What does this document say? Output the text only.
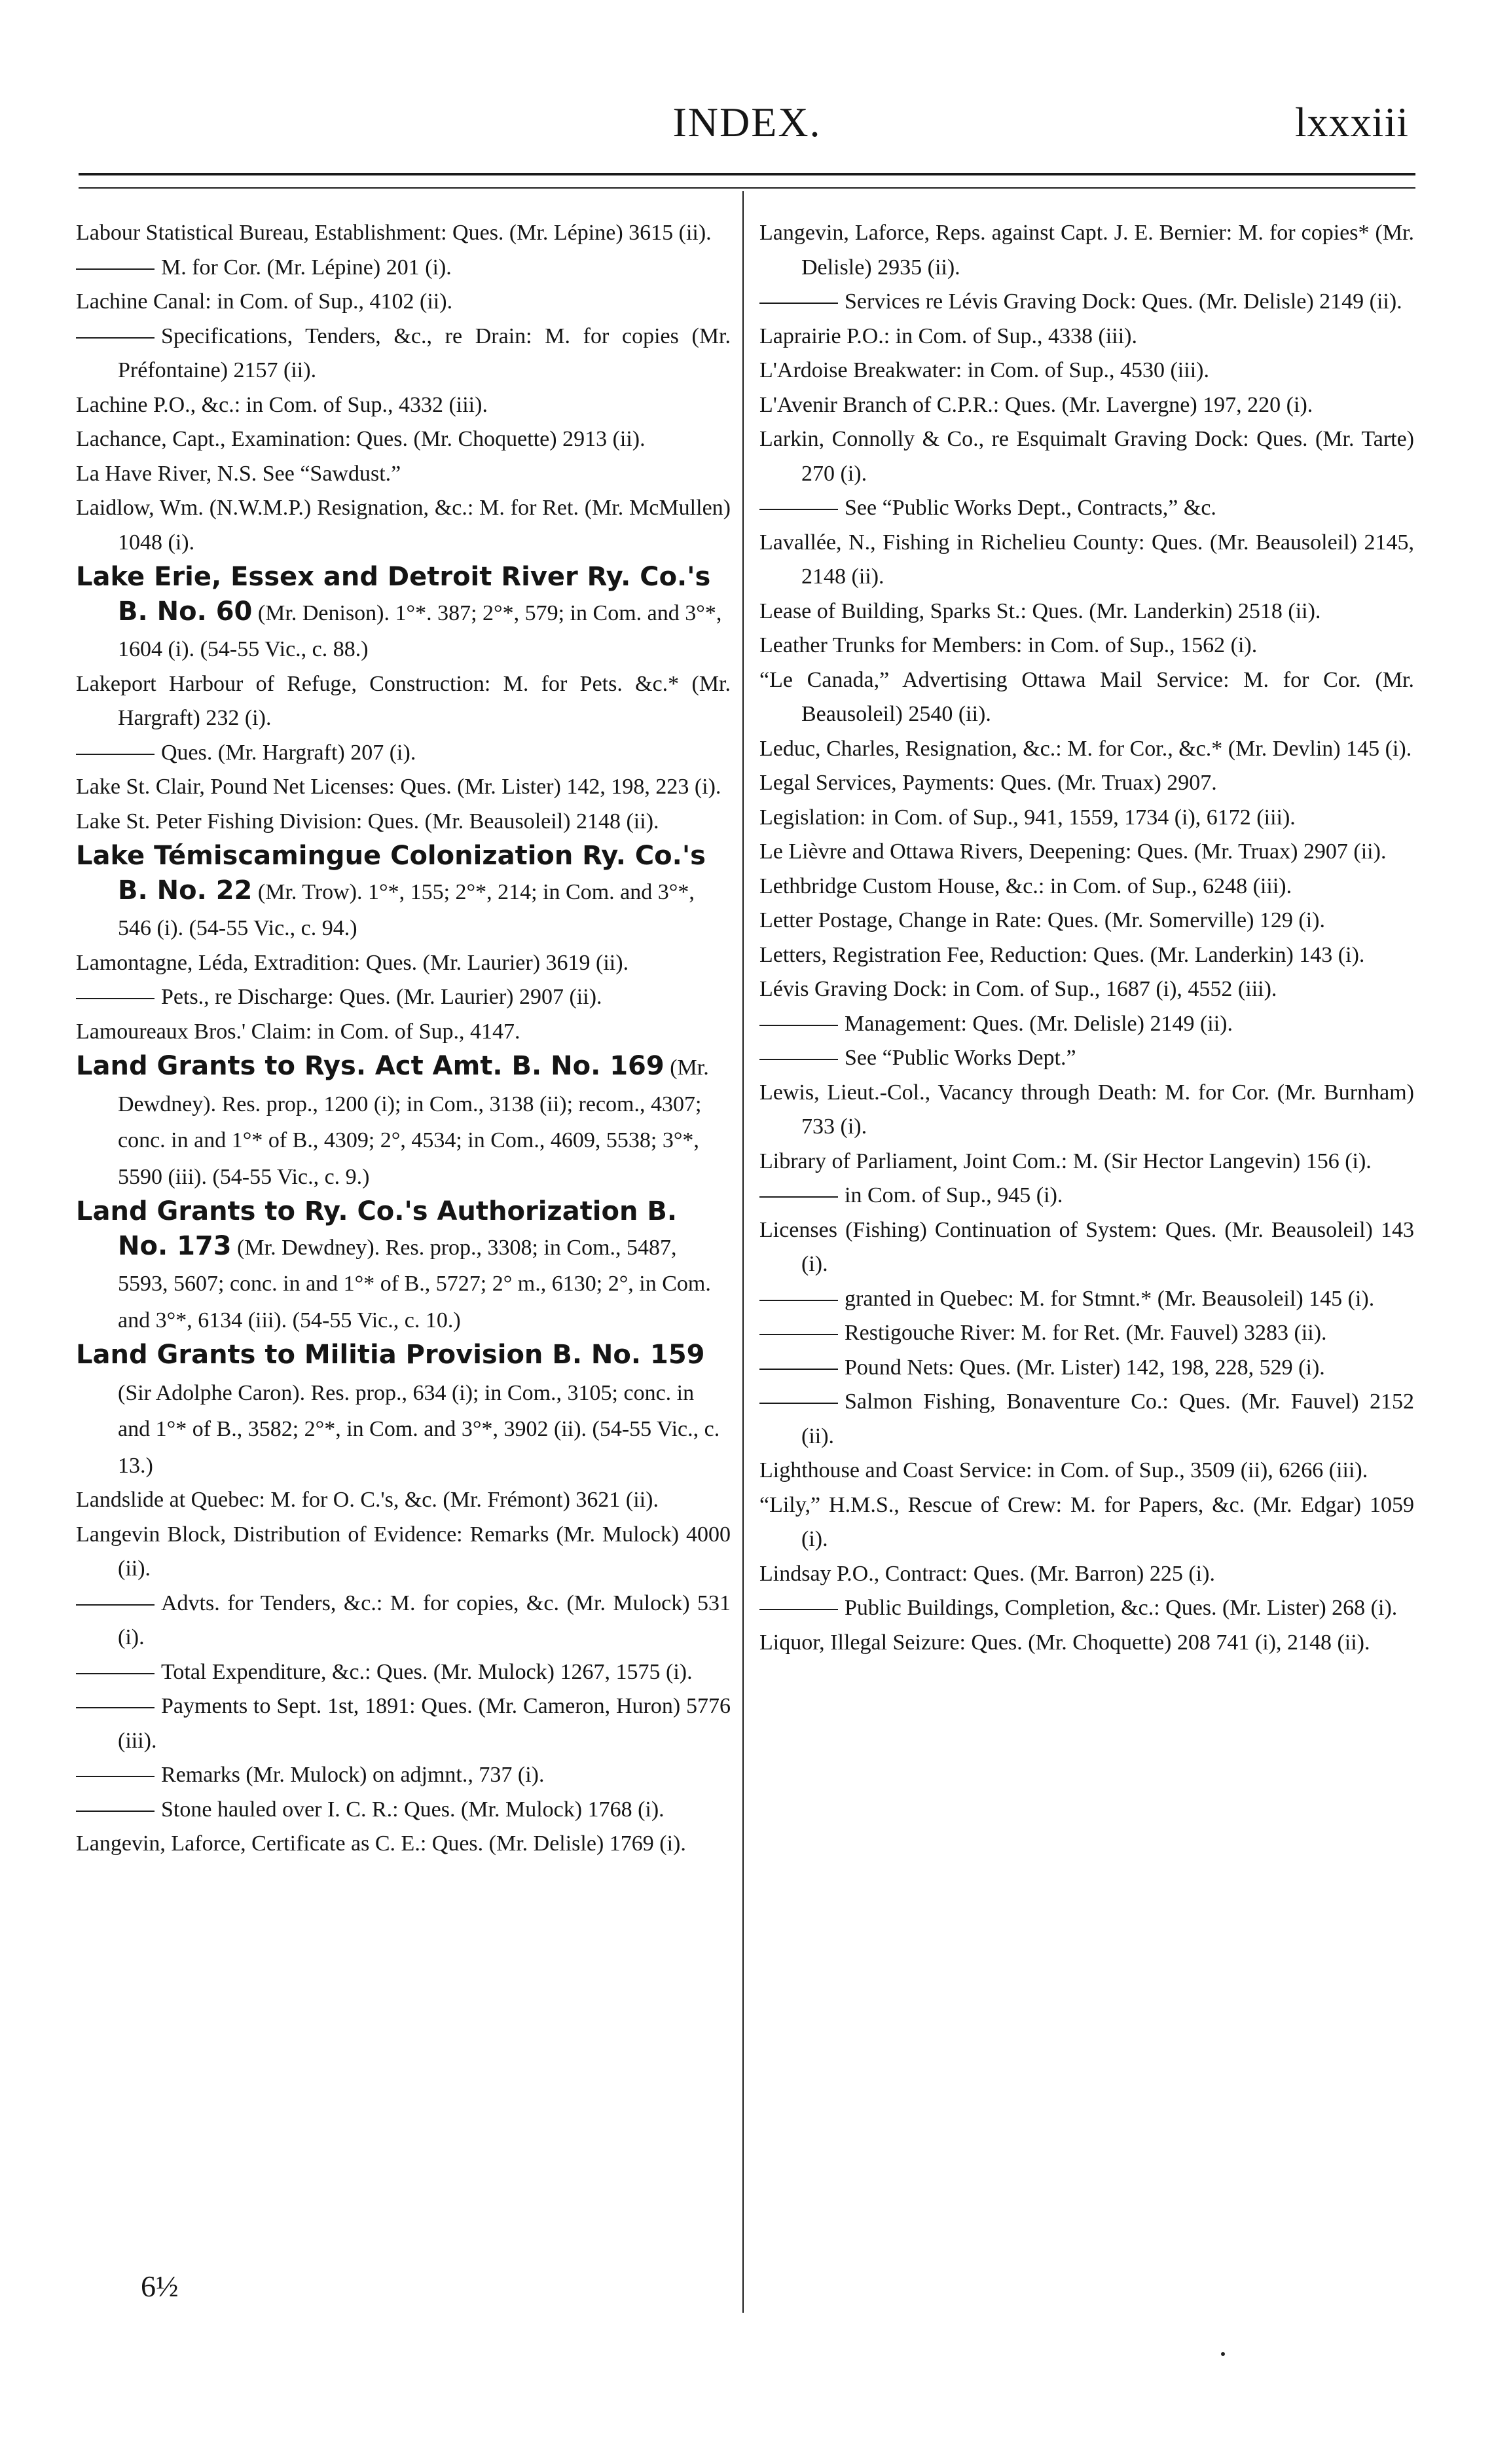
INDEX.	lxxxiii

Labour Statistical Bureau, Establishment: Ques. (Mr. Lépine) 3615 (ii).

M. for Cor. (Mr. Lépine) 201 (i).

Lachine Canal: in Com. of Sup., 4102 (ii).

Specifications, Tenders, &c., re Drain: M. for copies (Mr. Préfontaine) 2157 (ii).

Lachine P.O., &c.: in Com. of Sup., 4332 (iii).

Lachance, Capt., Examination: Ques. (Mr. Choquette) 2913 (ii).

La Have River, N.S. See “Sawdust.”

Laidlow, Wm. (N.W.M.P.) Resignation, &c.: M. for Ret. (Mr. McMullen) 1048 (i).

Lake Erie, Essex and Detroit River Ry. Co.'s B. No. 60 (Mr. Denison). 1°*. 387; 2°*, 579; in Com. and 3°*, 1604 (i). (54-55 Vic., c. 88.)

Lakeport Harbour of Refuge, Construction: M. for Pets. &c.* (Mr. Hargraft) 232 (i).

Ques. (Mr. Hargraft) 207 (i).

Lake St. Clair, Pound Net Licenses: Ques. (Mr. Lister) 142, 198, 223 (i).

Lake St. Peter Fishing Division: Ques. (Mr. Beausoleil) 2148 (ii).

Lake Témiscamingue Colonization Ry. Co.'s B. No. 22 (Mr. Trow). 1°*, 155; 2°*, 214; in Com. and 3°*, 546 (i). (54-55 Vic., c. 94.)

Lamontagne, Léda, Extradition: Ques. (Mr. Laurier) 3619 (ii).

Pets., re Discharge: Ques. (Mr. Laurier) 2907 (ii).

Lamoureaux Bros.' Claim: in Com. of Sup., 4147.

Land Grants to Rys. Act Amt. B. No. 169 (Mr. Dewdney). Res. prop., 1200 (i); in Com., 3138 (ii); recom., 4307; conc. in and 1°* of B., 4309; 2°, 4534; in Com., 4609, 5538; 3°*, 5590 (iii). (54-55 Vic., c. 9.)

Land Grants to Ry. Co.'s Authorization B. No. 173 (Mr. Dewdney). Res. prop., 3308; in Com., 5487, 5593, 5607; conc. in and 1°* of B., 5727; 2° m., 6130; 2°, in Com. and 3°*, 6134 (iii). (54-55 Vic., c. 10.)

Land Grants to Militia Provision B. No. 159 (Sir Adolphe Caron). Res. prop., 634 (i); in Com., 3105; conc. in and 1°* of B., 3582; 2°*, in Com. and 3°*, 3902 (ii). (54-55 Vic., c. 13.)

Landslide at Quebec: M. for O. C.'s, &c. (Mr. Frémont) 3621 (ii).

Langevin Block, Distribution of Evidence: Remarks (Mr. Mulock) 4000 (ii).

Advts. for Tenders, &c.: M. for copies, &c. (Mr. Mulock) 531 (i).

Total Expenditure, &c.: Ques. (Mr. Mulock) 1267, 1575 (i).

Payments to Sept. 1st, 1891: Ques. (Mr. Cameron, Huron) 5776 (iii).

Remarks (Mr. Mulock) on adjmnt., 737 (i).

Stone hauled over I. C. R.: Ques. (Mr. Mulock) 1768 (i).

Langevin, Laforce, Certificate as C. E.: Ques. (Mr. Delisle) 1769 (i).

Langevin, Laforce, Reps. against Capt. J. E. Bernier: M. for copies* (Mr. Delisle) 2935 (ii).

Services re Lévis Graving Dock: Ques. (Mr. Delisle) 2149 (ii).

Laprairie P.O.: in Com. of Sup., 4338 (iii).

L'Ardoise Breakwater: in Com. of Sup., 4530 (iii).

L'Avenir Branch of C.P.R.: Ques. (Mr. Lavergne) 197, 220 (i).

Larkin, Connolly & Co., re Esquimalt Graving Dock: Ques. (Mr. Tarte) 270 (i).

See “Public Works Dept., Contracts,” &c.

Lavallée, N., Fishing in Richelieu County: Ques. (Mr. Beausoleil) 2145, 2148 (ii).

Lease of Building, Sparks St.: Ques. (Mr. Landerkin) 2518 (ii).

Leather Trunks for Members: in Com. of Sup., 1562 (i).

“Le Canada,” Advertising Ottawa Mail Service: M. for Cor. (Mr. Beausoleil) 2540 (ii).

Leduc, Charles, Resignation, &c.: M. for Cor., &c.* (Mr. Devlin) 145 (i).

Legal Services, Payments: Ques. (Mr. Truax) 2907.

Legislation: in Com. of Sup., 941, 1559, 1734 (i), 6172 (iii).

Le Lièvre and Ottawa Rivers, Deepening: Ques. (Mr. Truax) 2907 (ii).

Lethbridge Custom House, &c.: in Com. of Sup., 6248 (iii).

Letter Postage, Change in Rate: Ques. (Mr. Somerville) 129 (i).

Letters, Registration Fee, Reduction: Ques. (Mr. Landerkin) 143 (i).

Lévis Graving Dock: in Com. of Sup., 1687 (i), 4552 (iii).

Management: Ques. (Mr. Delisle) 2149 (ii).

See “Public Works Dept.”

Lewis, Lieut.-Col., Vacancy through Death: M. for Cor. (Mr. Burnham) 733 (i).

Library of Parliament, Joint Com.: M. (Sir Hector Langevin) 156 (i).

in Com. of Sup., 945 (i).

Licenses (Fishing) Continuation of System: Ques. (Mr. Beausoleil) 143 (i).

granted in Quebec: M. for Stmnt.* (Mr. Beausoleil) 145 (i).

Restigouche River: M. for Ret. (Mr. Fauvel) 3283 (ii).

Pound Nets: Ques. (Mr. Lister) 142, 198, 228, 529 (i).

Salmon Fishing, Bonaventure Co.: Ques. (Mr. Fauvel) 2152 (ii).

Lighthouse and Coast Service: in Com. of Sup., 3509 (ii), 6266 (iii).

“Lily,” H.M.S., Rescue of Crew: M. for Papers, &c. (Mr. Edgar) 1059 (i).

Lindsay P.O., Contract: Ques. (Mr. Barron) 225 (i).

Public Buildings, Completion, &c.: Ques. (Mr. Lister) 268 (i).

Liquor, Illegal Seizure: Ques. (Mr. Choquette) 208 741 (i), 2148 (ii).

6½
